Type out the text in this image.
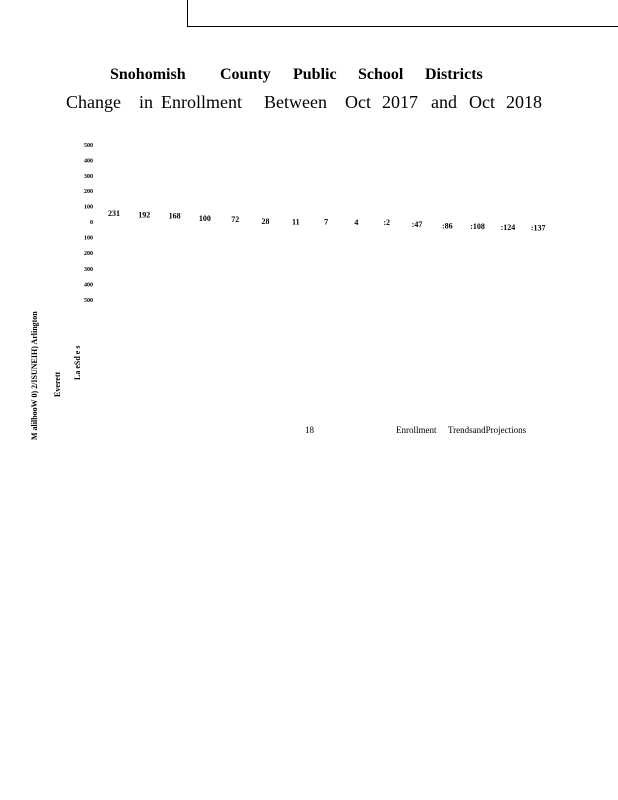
Snohomish County Public School Districts
Change in Enrollment Between Oct 2017 and Oct 2018
500
400
300
200
100
0
100
200
300
400
500
231 192 168 100	72	28	11	7	4	:2	:47 :86 :108 :124 :137
M alilbooW 0) 2/ISUNEIH) Arlington Everett
La eSd e s
18	Enrollment TrendsandProjections
